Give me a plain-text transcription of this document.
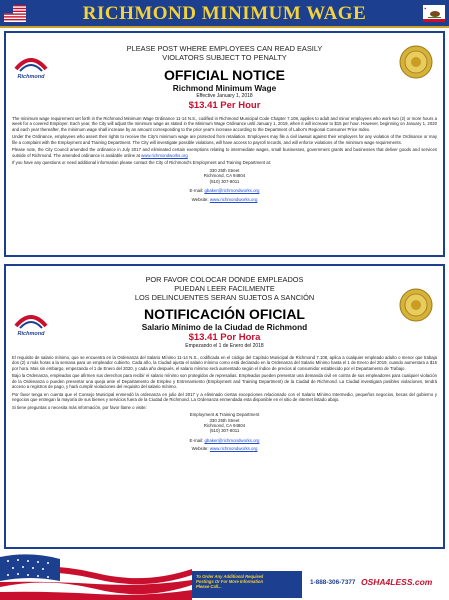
RICHMOND MINIMUM WAGE
Richmond
PLEASE POST WHERE EMPLOYEES CAN READ EASILY
VIOLATORS SUBJECT TO PENALTY
OFFICIAL NOTICE
Richmond Minimum Wage
Effective January 1, 2018
$13.41 Per Hour

The minimum wage requirement set forth in the Richmond Minimum Wage Ordinance 11-14 N.S., codified in Richmond Municipal Code Chapter 7.108, applies to adult and minor employees who work two (2) or more hours a week for a covered Employer. Each year, the City will adjust the minimum wage as stated in the Minimum Wage Ordinance until January 1, 2019, when it will increase to $15 per hour. However, beginning on January 1, 2020 and each year thereafter, the minimum wage shall increase by an amount corresponding to the prior year's increase according to the Department of Labor's Regional Consumer Price Index.

Under the Ordinance, employees who assert their rights to receive the City's minimum wage are protected from retaliation. Employees may file a civil lawsuit against their employers for any violation of the Ordinance or may file a complaint with the Employment and Training Department. The City will investigate possible violations, will have access to payroll records, and will enforce violations of the minimum wage requirements.

Please note, the City Council amended the ordinance in July 2017 and eliminated certain exemptions relating to intermediate wages, small businesses, government grants and businesses that deliver goods and services outside of Richmond. The amended ordinance is available online at www.richmondworks.org

If you have any questions or need additional information please contact the City of Richmond's Employment and Training Department at:

330 25th Street
Richmond, CA 94804
(510) 307-8011
E-mail: gbaker@richmondworks.org
Website: www.richmondworks.org
Richmond
POR FAVOR COLOCAR DONDE EMPLEADOS
PUEDAN LEER FACILMENTE
LOS DELINCUENTES SERAN SUJETOS A SANCIÓN
NOTIFICACIÓN OFICIAL
Salario Mínimo de la Ciudad de Richmond
$13.41 Por Hora
Empezando el 1 de Enero del 2018

El requisito de salario mínimo, que se encuentra en la Ordenanza del Salario Mínimo 11-14 N.S., codificada en el código del Capítulo Municipal de Richmond 7.108, aplica a cualquier empleado adulto o menor que trabaja dos (2) o más horas a la semana para un empleador cubierto. Cada año, la Ciudad ajusta el salario mínimo como está declarado en la Ordenanza del Salario Mínimo hasta el 1 de Enero del 2019, cuando aumentara a $15 por hora. Mas sin embargo, empezando el 1 de Enero del 2020, y cada año después, el salario mínimo será aumentado según el índice de precios al consumidor establecido por el Departamento de Trabajo.

Bajo la Ordenanza, empleados que afirmen sus derechos para recibir el salario mínimo son protegidos de represalias. Empleados pueden presentar una demanda civil en contra de sus empleadores para cualquier violación de la Ordenanza o pueden presentar una queja ante el Departamento de Empleo y Entrenamiento (Employment and Training Department) de la Ciudad de Richmond. La Ciudad investigara posibles violaciones, tendrá acceso a registros de pago, y hará cumplir violaciones del requisito del salario mínimo.

Por favor tenga en cuenta que el Consejo Municipal enmendó la ordenanza en julio del 2017 y a eliminado ciertas excepciones relacionado con el Salario Mínimo Intermedio, pequeños negocios, becas del gobierno y negocios que entregan la mayoría de sus bienes y servicios fuera de la Ciudad de Richmond. La Ordenanza enmendada esta disponible en el sitio de internet listado abajo.

Si tiene preguntas o necesita más información, por favor llame o visite:

Employment & Training Department
330 25th Street
Richmond, CA 94804
(510) 307-8011
E-mail: gbaker@richmondworks.org
Website: www.richmondworks.org
To Order Any Additional Required
Postings Or For More Information
Please Call...
1-888-306-7377 OSHA4LESS.com
